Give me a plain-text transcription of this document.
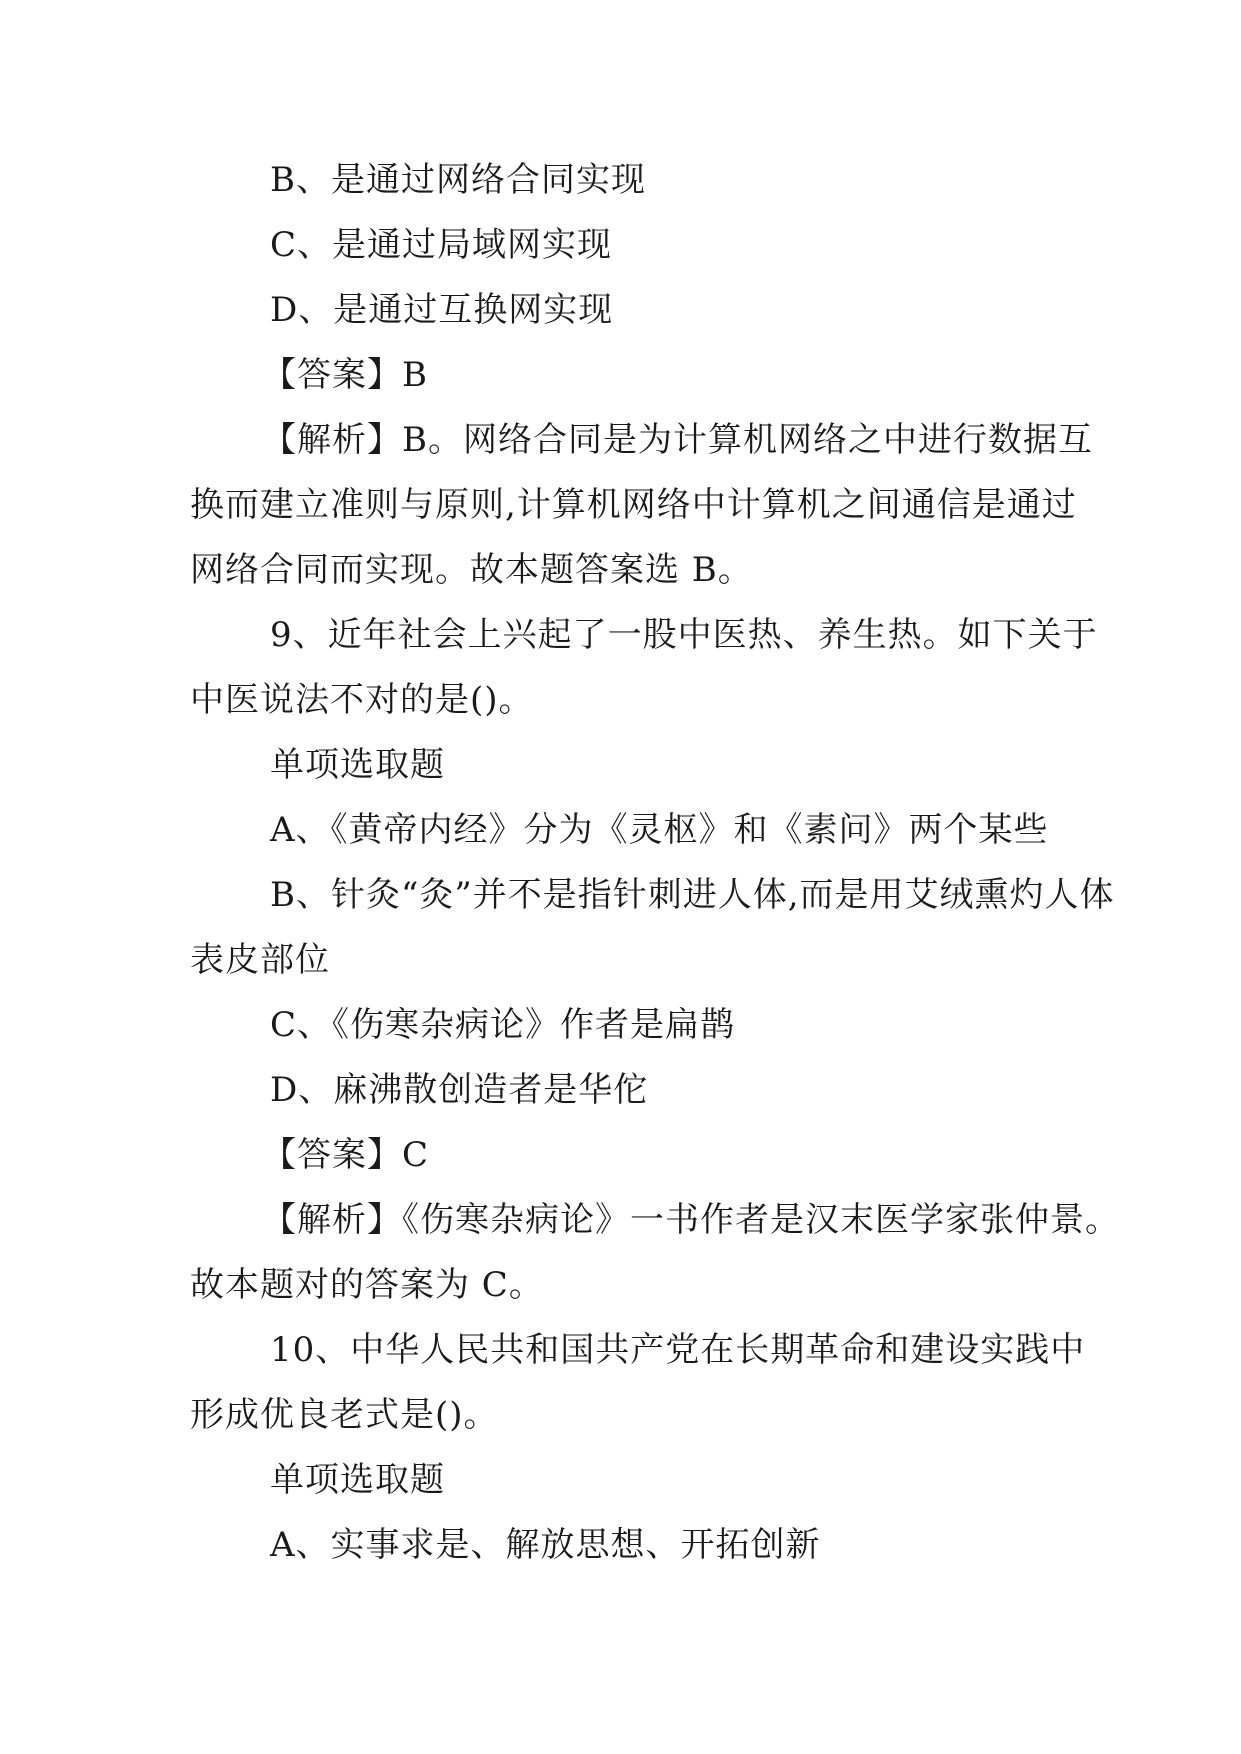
B、是通过网络合同实现
C、是通过局域网实现
D、是通过互换网实现
【答案】B
【解析】B。网络合同是为计算机网络之中进行数据互
换而建立准则与原则,计算机网络中计算机之间通信是通过
网络合同而实现。故本题答案选 B。
9、近年社会上兴起了一股中医热、养生热。如下关于
中医说法不对的是()。
单项选取题
A、《黄帝内经》分为《灵枢》和《素问》两个某些
B、针灸“灸”并不是指针刺进人体,而是用艾绒熏灼人体
表皮部位
C、《伤寒杂病论》作者是扁鹊
D、麻沸散创造者是华佗
【答案】C
【解析】《伤寒杂病论》一书作者是汉末医学家张仲景。
故本题对的答案为 C。
10、中华人民共和国共产党在长期革命和建设实践中
形成优良老式是()。
单项选取题
A、实事求是、解放思想、开拓创新
